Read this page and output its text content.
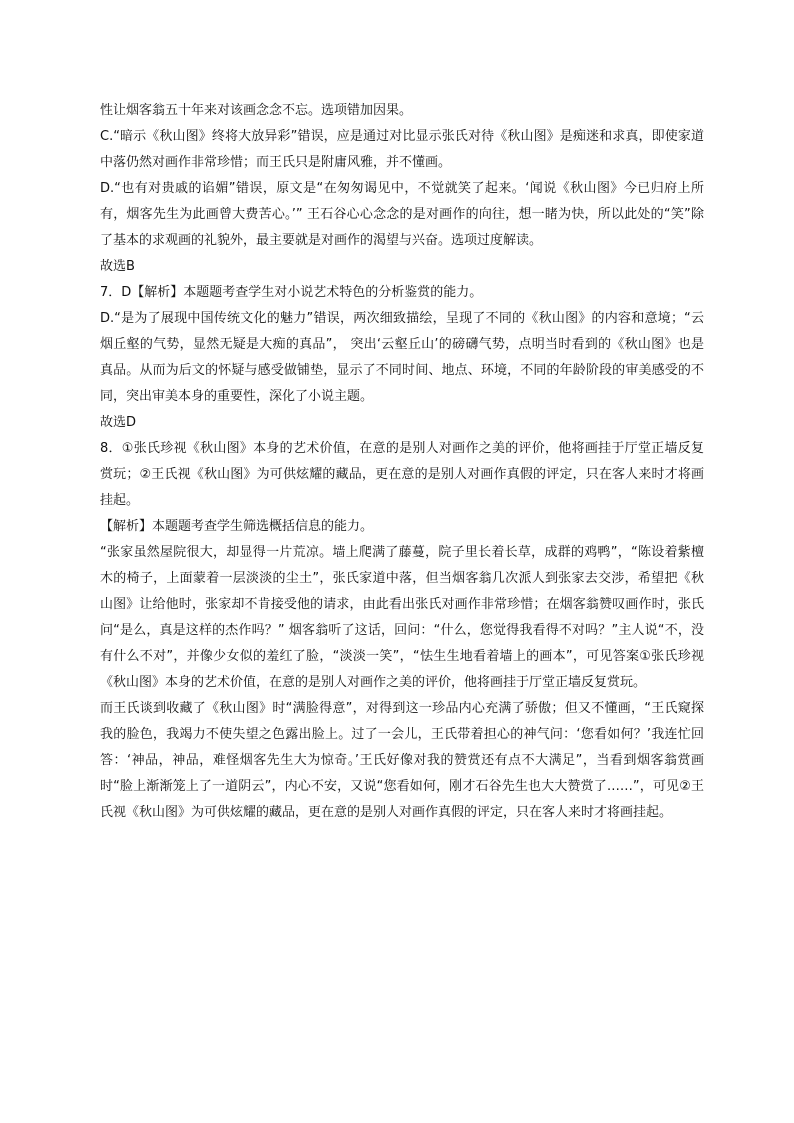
性让烟客翁五十年来对该画念念不忘。选项错加因果。

C.“暗示《秋山图》终将大放异彩”错误，应是通过对比显示张氏对待《秋山图》是痴迷和求真，即使家道中落仍然对画作非常珍惜；而王氏只是附庸风雅，并不懂画。

D.“也有对贵戚的谄媚”错误，原文是“在匆匆谒见中，不觉就笑了起来。‘闻说《秋山图》今已归府上所有，烟客先生为此画曾大费苦心。’” 王石谷心心念念的是对画作的向往，想一睹为快，所以此处的“笑”除了基本的求观画的礼貌外，最主要就是对画作的渴望与兴奋。选项过度解读。

故选B

7．D【解析】本题题考查学生对小说艺术特色的分析鉴赏的能力。

D.“是为了展现中国传统文化的魅力”错误，两次细致描绘，呈现了不同的《秋山图》的内容和意境；“云烟丘壑的气势，显然无疑是大痴的真品”， 突出‘云壑丘山’的磅礴气势，点明当时看到的《秋山图》也是真品。从而为后文的怀疑与感受做铺垫，显示了不同时间、地点、环境，不同的年龄阶段的审美感受的不同，突出审美本身的重要性，深化了小说主题。

故选D

8．①张氏珍视《秋山图》本身的艺术价值，在意的是别人对画作之美的评价，他将画挂于厅堂正墙反复赏玩；②王氏视《秋山图》为可供炫耀的藏品，更在意的是别人对画作真假的评定，只在客人来时才将画挂起。

【解析】本题题考查学生筛选概括信息的能力。

“张家虽然屋院很大，却显得一片荒凉。墙上爬满了藤蔓，院子里长着长草，成群的鸡鸭”，“陈设着紫檀木的椅子，上面蒙着一层淡淡的尘土”，张氏家道中落，但当烟客翁几次派人到张家去交涉，希望把《秋山图》让给他时，张家却不肯接受他的请求，由此看出张氏对画作非常珍惜；在烟客翁赞叹画作时，张氏问“是么，真是这样的杰作吗？” 烟客翁听了这话，回问：“什么，您觉得我看得不对吗？”主人说“不，没有什么不对”，并像少女似的羞红了脸，“淡淡一笑”，“怯生生地看着墙上的画本”，可见答案①张氏珍视《秋山图》本身的艺术价值，在意的是别人对画作之美的评价，他将画挂于厅堂正墙反复赏玩。

而王氏谈到收藏了《秋山图》时“满脸得意”，对得到这一珍品内心充满了骄傲；但又不懂画，“王氏窥探我的脸色，我竭力不使失望之色露出脸上。过了一会儿，王氏带着担心的神气问：‘您看如何？’我连忙回答：‘神品，神品，难怪烟客先生大为惊奇。’王氏好像对我的赞赏还有点不大满足”，当看到烟客翁赏画时“脸上渐渐笼上了一道阴云”，内心不安，又说“您看如何，刚才石谷先生也大大赞赏了……”，可见②王氏视《秋山图》为可供炫耀的藏品，更在意的是别人对画作真假的评定，只在客人来时才将画挂起。
